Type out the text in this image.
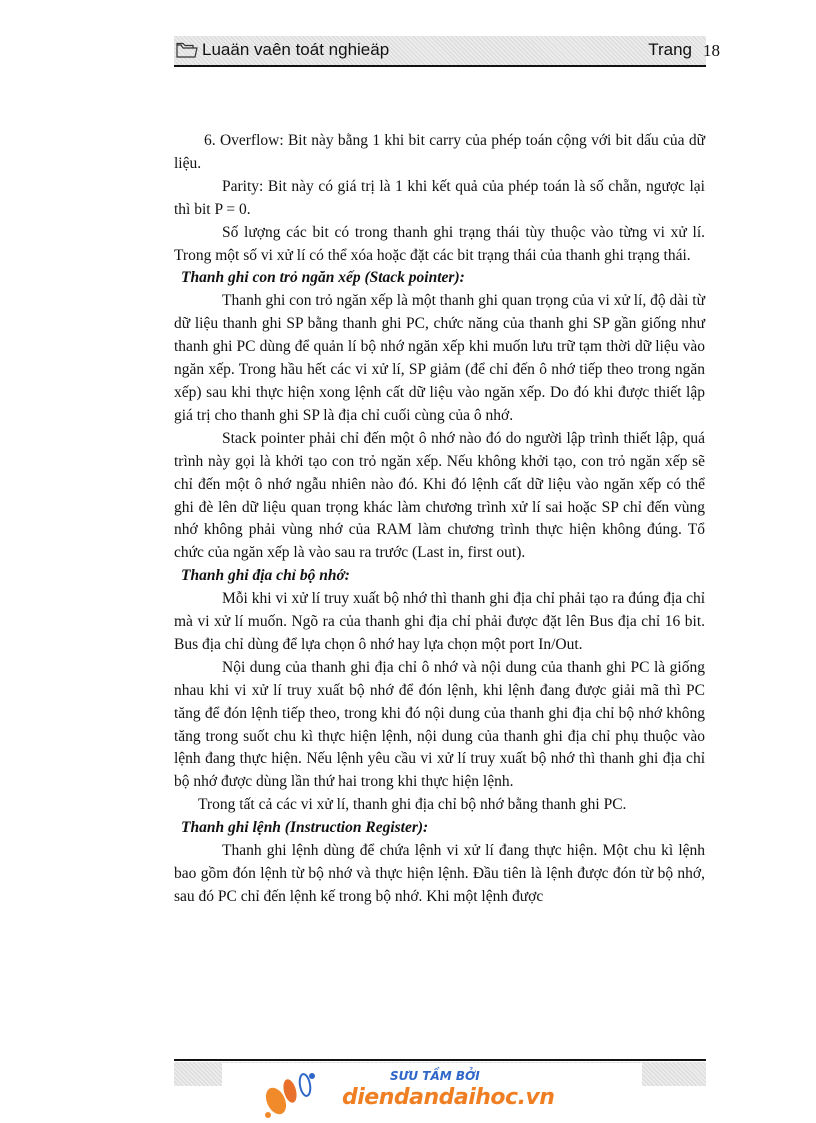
Luaän vaên toát nghieäp	Trang 18

6. Overflow: Bit này bằng 1 khi bit carry của phép toán cộng với bit dấu của dữ liệu.

Parity: Bit này có giá trị là 1 khi kết quả của phép toán là số chẵn, ngược lại thì bit P = 0.

Số lượng các bit có trong thanh ghi trạng thái tùy thuộc vào từng vi xử lí. Trong một số vi xử lí có thể xóa hoặc đặt các bit trạng thái của thanh ghi trạng thái.

Thanh ghi con trỏ ngăn xếp (Stack pointer):

Thanh ghi con trỏ ngăn xếp là một thanh ghi quan trọng của vi xử lí, độ dài từ dữ liệu thanh ghi SP bằng thanh ghi PC, chức năng của thanh ghi SP gần giống như thanh ghi PC dùng để quản lí bộ nhớ ngăn xếp khi muốn lưu trữ tạm thời dữ liệu vào ngăn xếp. Trong hầu hết các vi xử lí, SP giảm (để chỉ đến ô nhớ tiếp theo trong ngăn xếp) sau khi thực hiện xong lệnh cất dữ liệu vào ngăn xếp. Do đó khi được thiết lập giá trị cho thanh ghi SP là địa chỉ cuối cùng của ô nhớ.

Stack pointer phải chỉ đến một ô nhớ nào đó do người lập trình thiết lập, quá trình này gọi là khởi tạo con trỏ ngăn xếp. Nếu không khởi tạo, con trỏ ngăn xếp sẽ chỉ đến một ô nhớ ngẫu nhiên nào đó. Khi đó lệnh cất dữ liệu vào ngăn xếp có thể ghi đè lên dữ liệu quan trọng khác làm chương trình xử lí sai hoặc SP chỉ đến vùng nhớ không phải vùng nhớ của RAM làm chương trình thực hiện không đúng. Tổ chức của ngăn xếp là vào sau ra trước (Last in, first out).

Thanh ghi địa chỉ bộ nhớ:

Mỗi khi vi xử lí truy xuất bộ nhớ thì thanh ghi địa chỉ phải tạo ra đúng địa chỉ mà vi xử lí muốn. Ngõ ra của thanh ghi địa chỉ phải được đặt lên Bus địa chỉ 16 bit. Bus địa chỉ dùng để lựa chọn ô nhớ hay lựa chọn một port In/Out.

Nội dung của thanh ghi địa chỉ ô nhớ và nội dung của thanh ghi PC là giống nhau khi vi xử lí truy xuất bộ nhớ để đón lệnh, khi lệnh đang được giải mã thì PC tăng để đón lệnh tiếp theo, trong khi đó nội dung của thanh ghi địa chỉ bộ nhớ không tăng trong suốt chu kì thực hiện lệnh, nội dung của thanh ghi địa chỉ phụ thuộc vào lệnh đang thực hiện. Nếu lệnh yêu cầu vi xử lí truy xuất bộ nhớ thì thanh ghi địa chỉ bộ nhớ được dùng lần thứ hai trong khi thực hiện lệnh.

Trong tất cả các vi xử lí, thanh ghi địa chỉ bộ nhớ bằng thanh ghi PC.

Thanh ghi lệnh (Instruction Register):

Thanh ghi lệnh dùng để chứa lệnh vi xử lí đang thực hiện. Một chu kì lệnh bao gồm đón lệnh từ bộ nhớ và thực hiện lệnh. Đầu tiên là lệnh được đón từ bộ nhớ, sau đó PC chỉ đến lệnh kế trong bộ nhớ. Khi một lệnh được

SƯU TẦM BỞI
diendandaihoc.vn
